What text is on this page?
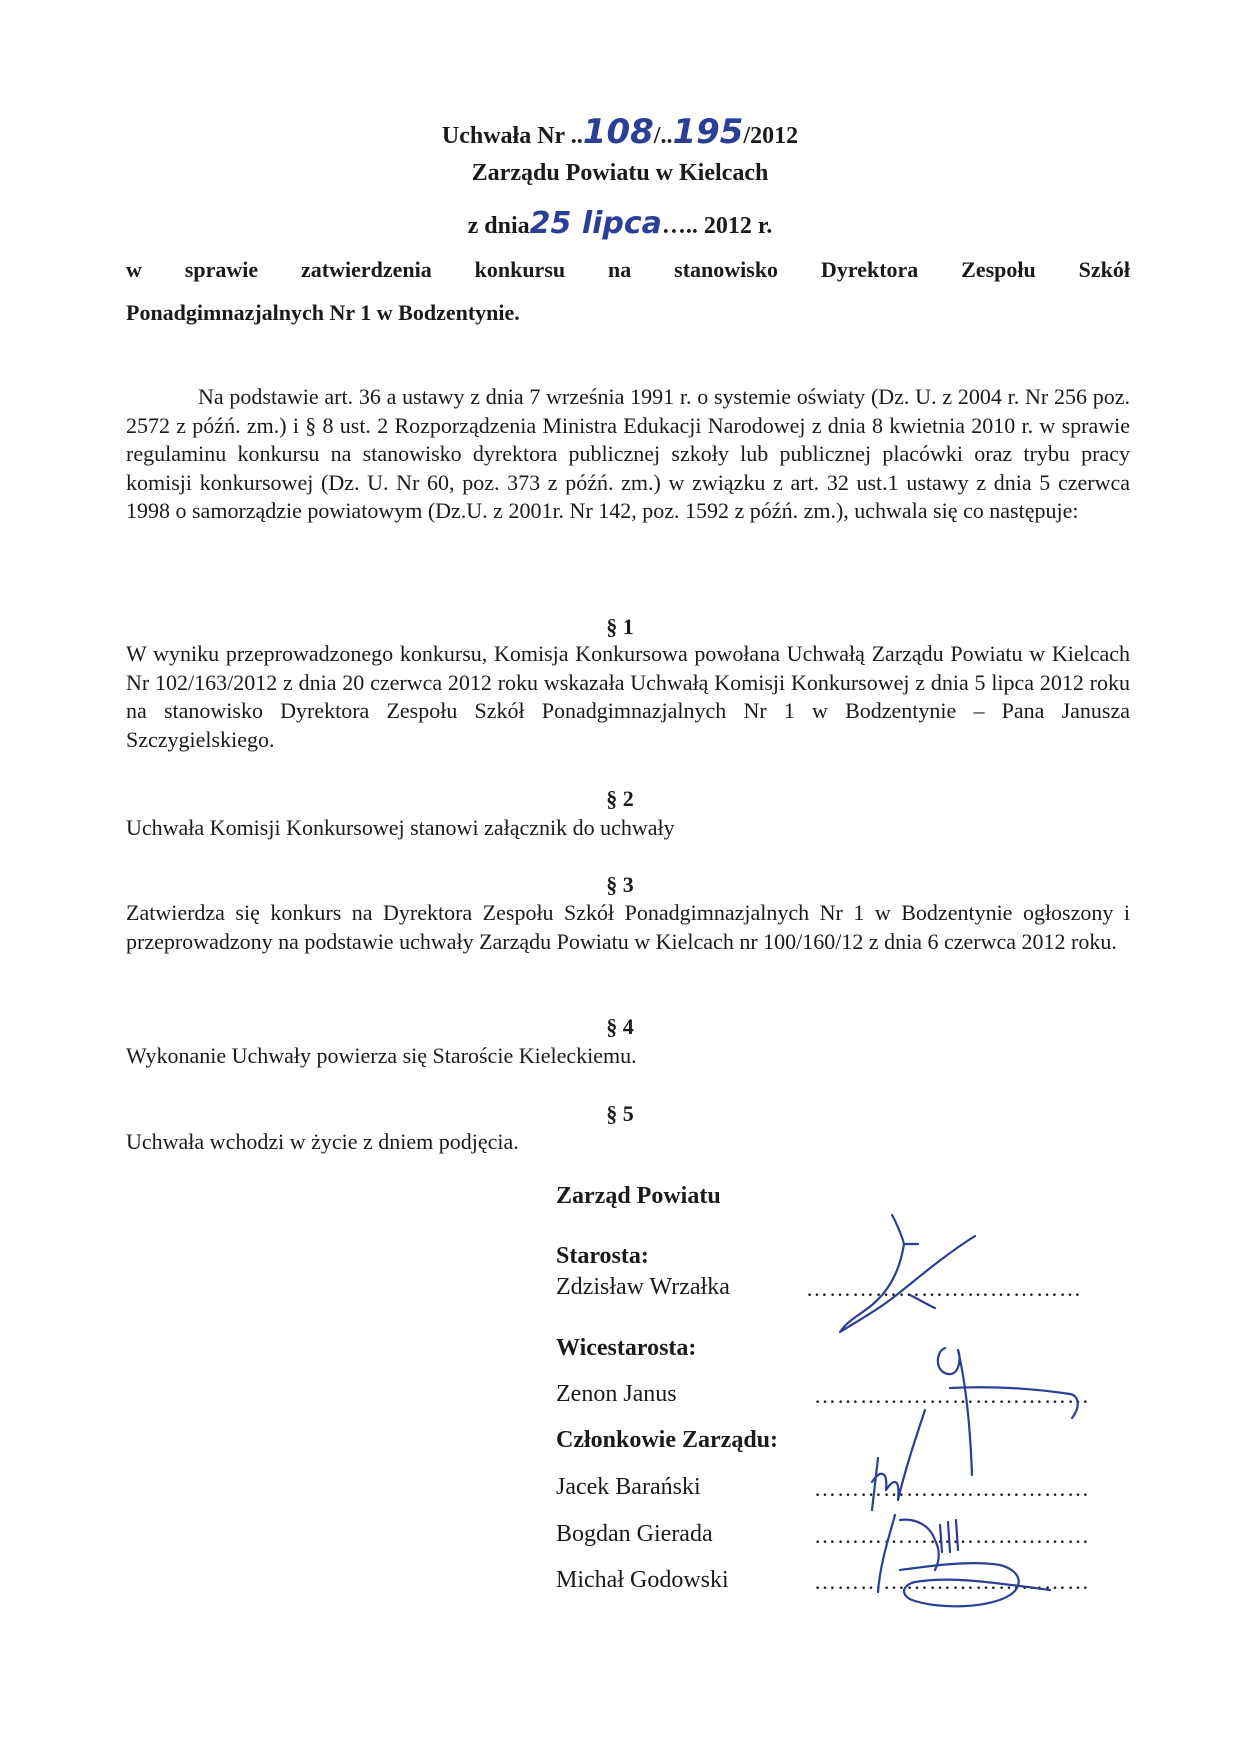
Uchwała Nr ..108/..195/2012
Zarządu Powiatu w Kielcach
z dnia25 lipca….. 2012 r.
w sprawie zatwierdzenia konkursu na stanowisko Dyrektora Zespołu Szkół
Ponadgimnazjalnych Nr 1 w Bodzentynie.
Na podstawie art. 36 a ustawy z dnia 7 września 1991 r. o systemie oświaty (Dz. U. z 2004 r. Nr 256 poz. 2572 z późń. zm.) i § 8 ust. 2 Rozporządzenia Ministra Edukacji Narodowej z dnia 8 kwietnia 2010 r. w sprawie regulaminu konkursu na stanowisko dyrektora publicznej szkoły lub publicznej placówki oraz trybu pracy komisji konkursowej (Dz. U. Nr 60, poz. 373 z późń. zm.) w związku z art. 32 ust.1 ustawy z dnia 5 czerwca 1998 o samorządzie powiatowym (Dz.U. z 2001r. Nr 142, poz. 1592 z późń. zm.), uchwala się co następuje:
§ 1
W wyniku przeprowadzonego konkursu, Komisja Konkursowa powołana Uchwałą Zarządu Powiatu w Kielcach Nr 102/163/2012 z dnia 20 czerwca 2012 roku wskazała Uchwałą Komisji Konkursowej z dnia 5 lipca 2012 roku na stanowisko Dyrektora Zespołu Szkół Ponadgimnazjalnych Nr 1 w Bodzentynie – Pana Janusza Szczygielskiego.
§ 2
Uchwała Komisji Konkursowej stanowi załącznik do uchwały
§ 3
Zatwierdza się konkurs na Dyrektora Zespołu Szkół Ponadgimnazjalnych Nr 1 w Bodzentynie ogłoszony i przeprowadzony na podstawie uchwały Zarządu Powiatu w Kielcach nr 100/160/12 z dnia 6 czerwca 2012 roku.
§ 4
Wykonanie Uchwały powierza się Staroście Kieleckiemu.
§ 5
Uchwała wchodzi w życie z dniem podjęcia.
Zarząd Powiatu
Starosta:
Zdzisław Wrzałka	………………………………
Wicestarosta:
Zenon Janus	………………………………
Członkowie Zarządu:
Jacek Barański	………………………………
Bogdan Gierada	………………………………
Michał Godowski	………………………………
